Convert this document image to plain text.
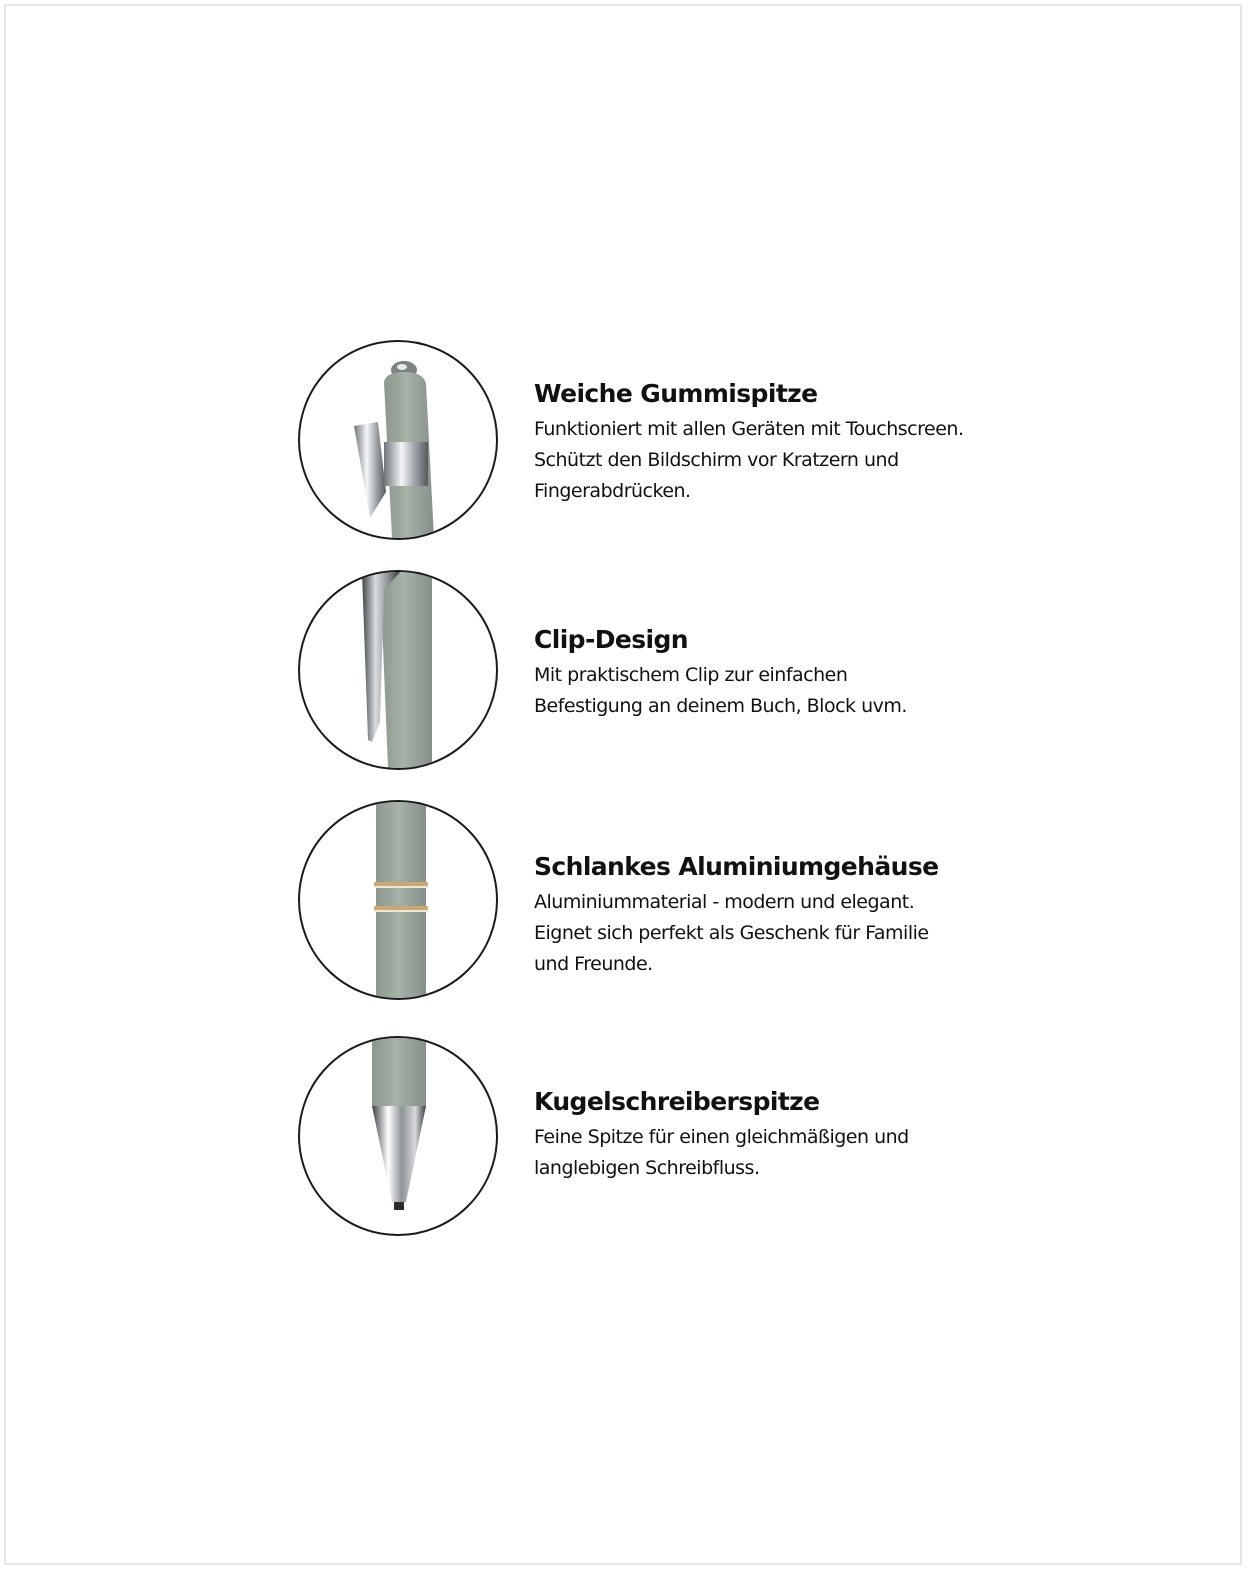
Weiche Gummispitze
Funktioniert mit allen Geräten mit Touchscreen.
Schützt den Bildschirm vor Kratzern und
Fingerabdrücken.
Clip-Design
Mit praktischem Clip zur einfachen
Befestigung an deinem Buch, Block uvm.
Schlankes Aluminiumgehäuse
Aluminiummaterial - modern und elegant.
Eignet sich perfekt als Geschenk für Familie
und Freunde.
Kugelschreiberspitze
Feine Spitze für einen gleichmäßigen und
langlebigen Schreibfluss.
